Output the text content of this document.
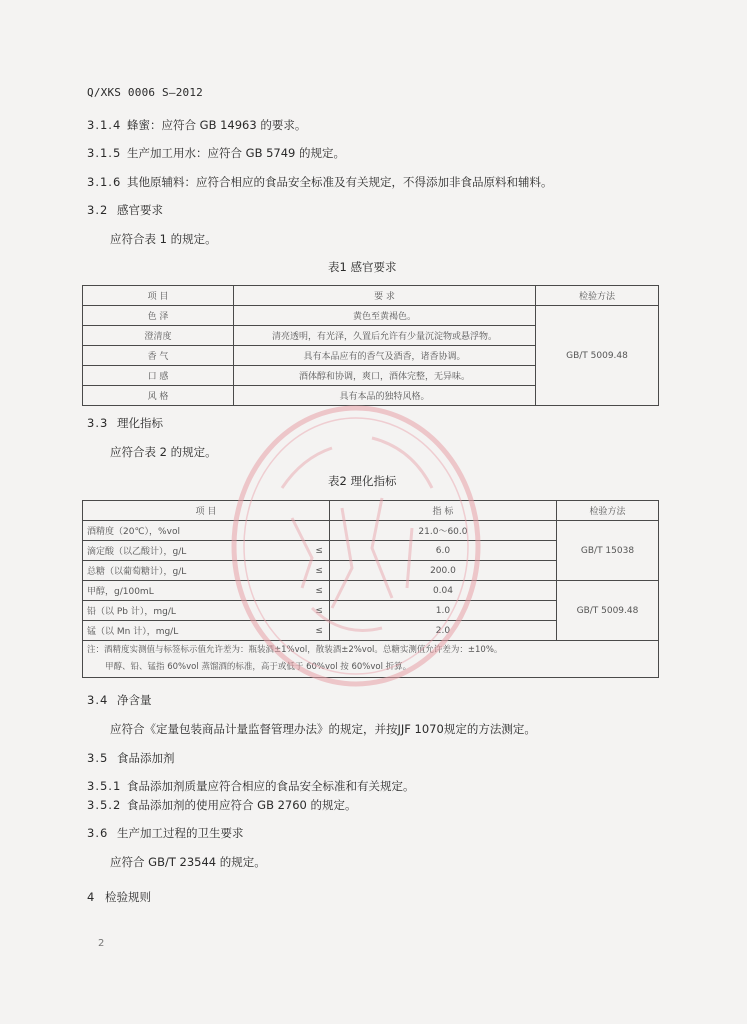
Q/XKS 0006 S—2012
3.1.4 蜂蜜：应符合 GB 14963 的要求。
3.1.5 生产加工用水：应符合 GB 5749 的规定。
3.1.6 其他原辅料：应符合相应的食品安全标准及有关规定，不得添加非食品原料和辅料。
3.2 感官要求
应符合表 1 的规定。
表1 感官要求
项 目	要 求	检验方法
色 泽	黄色至黄褐色。	GB/T 5009.48
澄清度	清亮透明，有光泽，久置后允许有少量沉淀物或悬浮物。	
香 气	具有本品应有的香气及酒香，诸香协调。	
口 感	酒体醇和协调，爽口，酒体完整，无异味。	
风 格	具有本品的独特风格。	
3.3 理化指标
应符合表 2 的规定。
表2 理化指标
项 目		指 标	检验方法
酒精度（20℃），%vol		21.0～60.0	GB/T 15038
滴定酸（以乙酸计），g/L	≤	6.0	
总糖（以葡萄糖计），g/L	≤	200.0	
甲醇，g/100mL	≤	0.04	GB/T 5009.48
铅（以 Pb 计），mg/L	≤	1.0	
锰（以 Mn 计），mg/L	≤	2.0	

注：酒精度实测值与标签标示值允许差为：瓶装酒±1%vol，散装酒±2%vol。总糖实测值允许差为：±10%。
甲醇、铅、锰指 60%vol 蒸馏酒的标准，高于或低于 60%vol 按 60%vol 折算。			
3.4 净含量
应符合《定量包装商品计量监督管理办法》的规定，并按JJF 1070规定的方法测定。
3.5 食品添加剂
3.5.1 食品添加剂质量应符合相应的食品安全标准和有关规定。
3.5.2 食品添加剂的使用应符合 GB 2760 的规定。
3.6 生产加工过程的卫生要求
应符合 GB/T 23544 的规定。
4 检验规则
2
